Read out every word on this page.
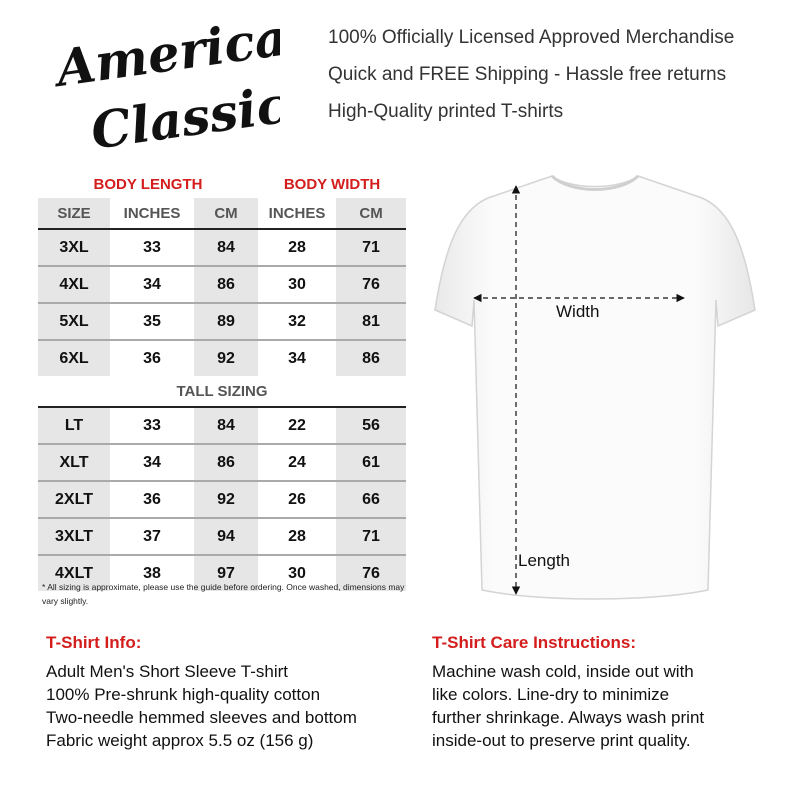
American
Classics
100% Officially Licensed Approved Merchandise
Quick and FREE Shipping - Hassle free returns
High-Quality printed T-shirts
BODY LENGTH			BODY WIDTH	
SIZE	INCHES	CM	INCHES	CM
3XL	33	84	28	71
4XL	34	86	30	76
5XL	35	89	32	81
6XL	36	92	34	86
TALL SIZING				
LT	33	84	22	56
XLT	34	86	24	61
2XLT	36	92	26	66
3XLT	37	94	28	71
4XLT	38	97	30	76
* All sizing is approximate, please use the guide before ordering. Once washed, dimensions may vary slightly.
Width
Length
T-Shirt Info:
Adult Men's Short Sleeve T-shirt
100% Pre-shrunk high-quality cotton
Two-needle hemmed sleeves and bottom
Fabric weight approx 5.5 oz (156 g)
T-Shirt Care Instructions:
Machine wash cold, inside out with
like colors. Line-dry to minimize
further shrinkage. Always wash print
inside-out to preserve print quality.
